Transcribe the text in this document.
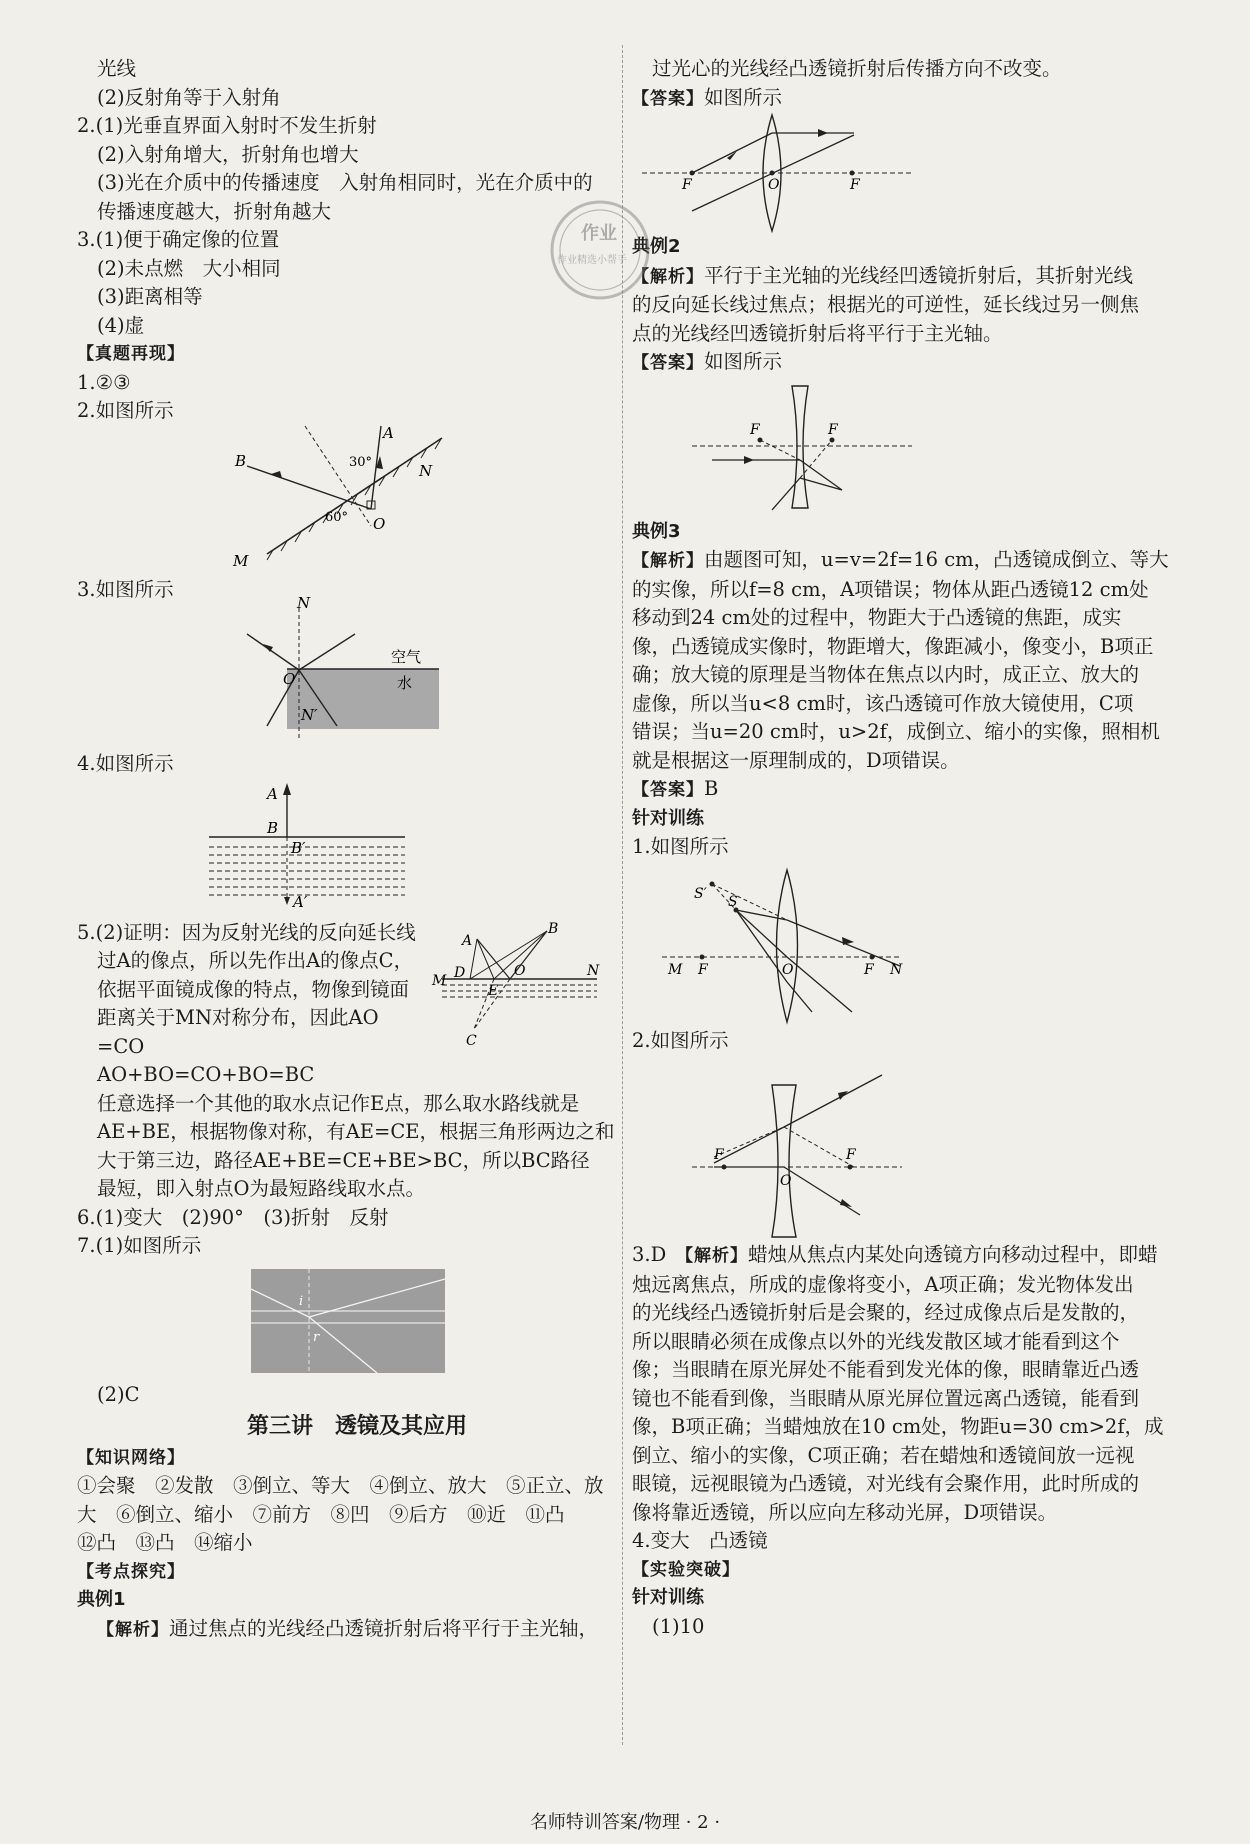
光线
(2)反射角等于入射角
2.(1)光垂直界面入射时不发生折射
(2)入射角增大，折射角也增大
(3)光在介质中的传播速度　入射角相同时，光在介质中的
传播速度越大，折射角越大
3.(1)便于确定像的位置
(2)未点燃　大小相同
(3)距离相等
(4)虚
【真题再现】
1.②③
2.如图所示
A
B
N
M
O
30°
60°
3.如图所示
N
O
N′
空气
水
4.如图所示
A
B
B′
A′
5.(2)证明：因为反射光线的反向延长线
过A的像点，所以先作出A的像点C，
依据平面镜成像的特点，物像到镜面
距离关于MN对称分布，因此AO
=CO
A
B
D
E
O
M
N
C
AO+BO=CO+BO=BC
任意选择一个其他的取水点记作E点，那么取水路线就是
AE+BE，根据物像对称，有AE=CE，根据三角形两边之和
大于第三边，路径AE+BE=CE+BE>BC，所以BC路径
最短，即入射点O为最短路线取水点。
6.(1)变大　(2)90°　(3)折射　反射
7.(1)如图所示
i
r
(2)C
第三讲　透镜及其应用
【知识网络】
①会聚　②发散　③倒立、等大　④倒立、放大　⑤正立、放
大　⑥倒立、缩小　⑦前方　⑧凹　⑨后方　⑩近　⑪凸
⑫凸　⑬凸　⑭缩小
【考点探究】
典例1
【解析】通过焦点的光线经凸透镜折射后将平行于主光轴，
过光心的光线经凸透镜折射后传播方向不改变。
【答案】如图所示
F	O	F
典例2
【解析】平行于主光轴的光线经凹透镜折射后，其折射光线
的反向延长线过焦点；根据光的可逆性，延长线过另一侧焦
点的光线经凹透镜折射后将平行于主光轴。
【答案】如图所示
F	F
典例3
【解析】由题图可知，u=v=2f=16 cm，凸透镜成倒立、等大
的实像，所以f=8 cm，A项错误；物体从距凸透镜12 cm处
移动到24 cm处的过程中，物距大于凸透镜的焦距，成实
像，凸透镜成实像时，物距增大，像距减小，像变小，B项正
确；放大镜的原理是当物体在焦点以内时，成正立、放大的
虚像，所以当u<8 cm时，该凸透镜可作放大镜使用，C项
错误；当u=20 cm时，u>2f，成倒立、缩小的实像，照相机
就是根据这一原理制成的，D项错误。
【答案】B
针对训练
1.如图所示
S′ S
M F	O	F N
2.如图所示
F
O
F
3.D  【解析】蜡烛从焦点内某处向透镜方向移动过程中，即蜡
烛远离焦点，所成的虚像将变小，A项正确；发光物体发出
的光线经凸透镜折射后是会聚的，经过成像点后是发散的，
所以眼睛必须在成像点以外的光线发散区域才能看到这个
像；当眼睛在原光屏处不能看到发光体的像，眼睛靠近凸透
镜也不能看到像，当眼睛从原光屏位置远离凸透镜，能看到
像，B项正确；当蜡烛放在10 cm处，物距u=30 cm>2f，成
倒立、缩小的实像，C项正确；若在蜡烛和透镜间放一远视
眼镜，远视眼镜为凸透镜，对光线有会聚作用，此时所成的
像将靠近透镜，所以应向左移动光屏，D项错误。
4.变大　凸透镜
【实验突破】
针对训练
(1)10
作业
作业精选小帮手
名师特训答案/物理 · 2 ·
